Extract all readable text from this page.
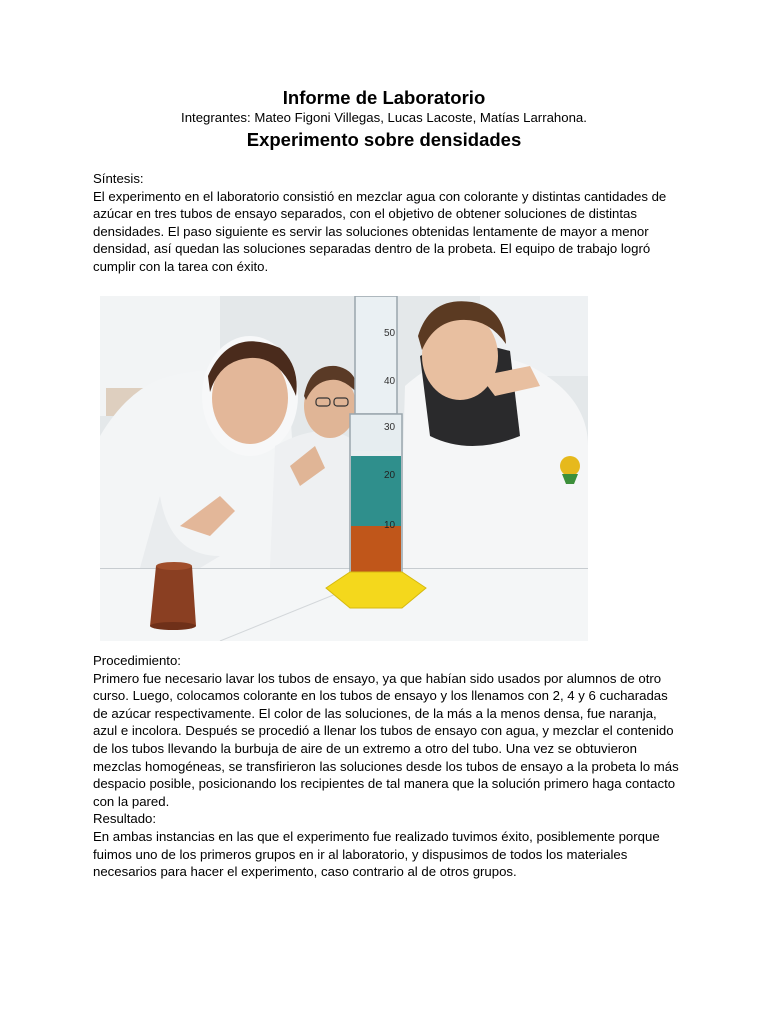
Informe de Laboratorio
Integrantes: Mateo Figoni Villegas, Lucas Lacoste, Matías Larrahona.
Experimento sobre densidades

Síntesis:

El experimento en el laboratorio consistió en mezclar agua con colorante y distintas cantidades de azúcar en tres tubos de ensayo separados, con el objetivo de obtener soluciones de distintas densidades. El paso siguiente es servir las soluciones obtenidas lentamente de mayor a menor densidad, así quedan las soluciones separadas dentro de la probeta. El equipo de trabajo logró cumplir con la tarea con éxito.

50
40
30
20
10

Procedimiento:

Primero fue necesario lavar los tubos de ensayo, ya que habían sido usados por alumnos de otro curso. Luego, colocamos colorante en los tubos de ensayo y los llenamos con 2, 4 y 6 cucharadas de azúcar respectivamente. El color de las soluciones, de la más a la menos densa, fue naranja, azul e incolora. Después se procedió a llenar los tubos de ensayo con agua, y mezclar el contenido de los tubos llevando la burbuja de aire de un extremo a otro del tubo. Una vez se obtuvieron mezclas homogéneas, se transfirieron las soluciones desde los tubos de ensayo a la probeta lo más despacio posible, posicionando los recipientes de tal manera que la solución primero haga contacto con la pared.

Resultado:

En ambas instancias en las que el experimento fue realizado tuvimos éxito, posiblemente porque fuimos uno de los primeros grupos en ir al laboratorio, y dispusimos de todos los materiales necesarios para hacer el experimento, caso contrario al de otros grupos.
